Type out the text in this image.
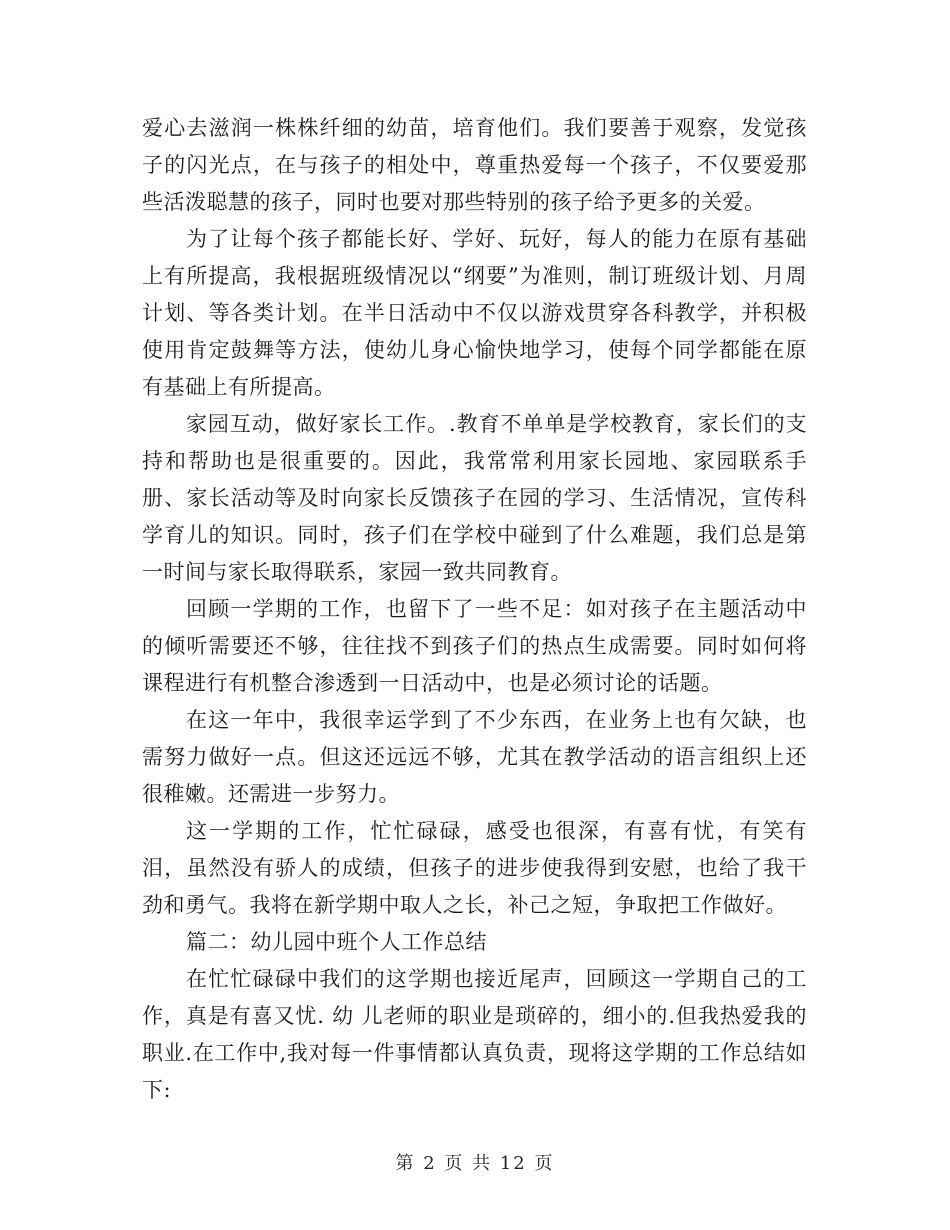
爱心去滋润一株株纤细的幼苗，培育他们。我们要善于观察，发觉孩子的闪光点，在与孩子的相处中，尊重热爱每一个孩子，不仅要爱那些活泼聪慧的孩子，同时也要对那些特别的孩子给予更多的关爱。

为了让每个孩子都能长好、学好、玩好，每人的能力在原有基础上有所提高，我根据班级情况以“纲要”为准则，制订班级计划、月周计划、等各类计划。在半日活动中不仅以游戏贯穿各科教学，并积极使用肯定鼓舞等方法，使幼儿身心愉快地学习，使每个同学都能在原有基础上有所提高。

家园互动，做好家长工作。.教育不单单是学校教育，家长们的支持和帮助也是很重要的。因此，我常常利用家长园地、家园联系手册、家长活动等及时向家长反馈孩子在园的学习、生活情况，宣传科学育儿的知识。同时，孩子们在学校中碰到了什么难题，我们总是第一时间与家长取得联系，家园一致共同教育。

回顾一学期的工作，也留下了一些不足：如对孩子在主题活动中的倾听需要还不够，往往找不到孩子们的热点生成需要。同时如何将课程进行有机整合渗透到一日活动中，也是必须讨论的话题。

在这一年中，我很幸运学到了不少东西，在业务上也有欠缺，也需努力做好一点。但这还远远不够，尤其在教学活动的语言组织上还很稚嫩。还需进一步努力。

这一学期的工作，忙忙碌碌，感受也很深，有喜有忧，有笑有泪，虽然没有骄人的成绩，但孩子的进步使我得到安慰，也给了我干劲和勇气。我将在新学期中取人之长，补己之短，争取把工作做好。

篇二：幼儿园中班个人工作总结

在忙忙碌碌中我们的这学期也接近尾声，回顾这一学期自己的工作，真是有喜又忧. 幼 儿老师的职业是琐碎的，细小的.但我热爱我的职业.在工作中,我对每一件事情都认真负责，现将这学期的工作总结如下:

第 2 页 共 12 页
